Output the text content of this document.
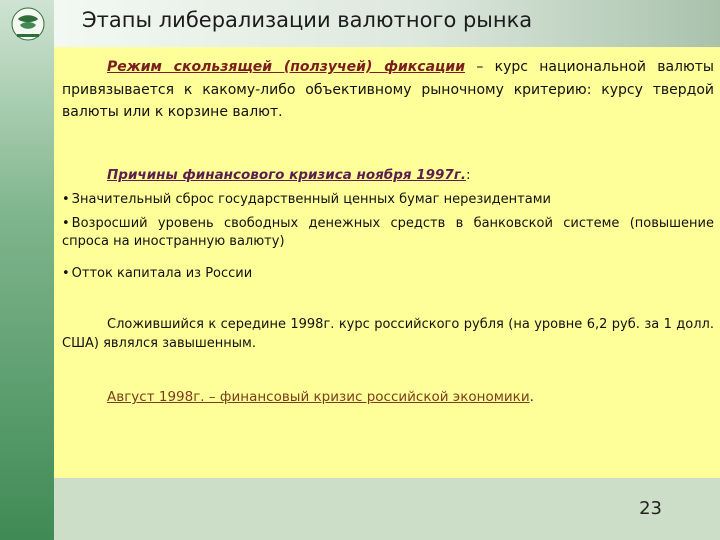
Этапы либерализации валютного рынка

Режим скользящей (ползучей) фиксации – курс национальной валюты привязывается к какому-либо объективному рыночному критерию: курсу твердой валюты или к корзине валют.

Причины финансового кризиса ноября 1997г.:

• Значительный сброс государственный ценных бумаг нерезидентами

• Возросший уровень свободных денежных средств в банковской системе (повышение спроса на иностранную валюту)

• Отток капитала из России

Сложившийся к середине 1998г. курс российского рубля (на уровне 6,2 руб. за 1 долл. США) являлся завышенным.

Август 1998г. – финансовый кризис российской экономики.

23
